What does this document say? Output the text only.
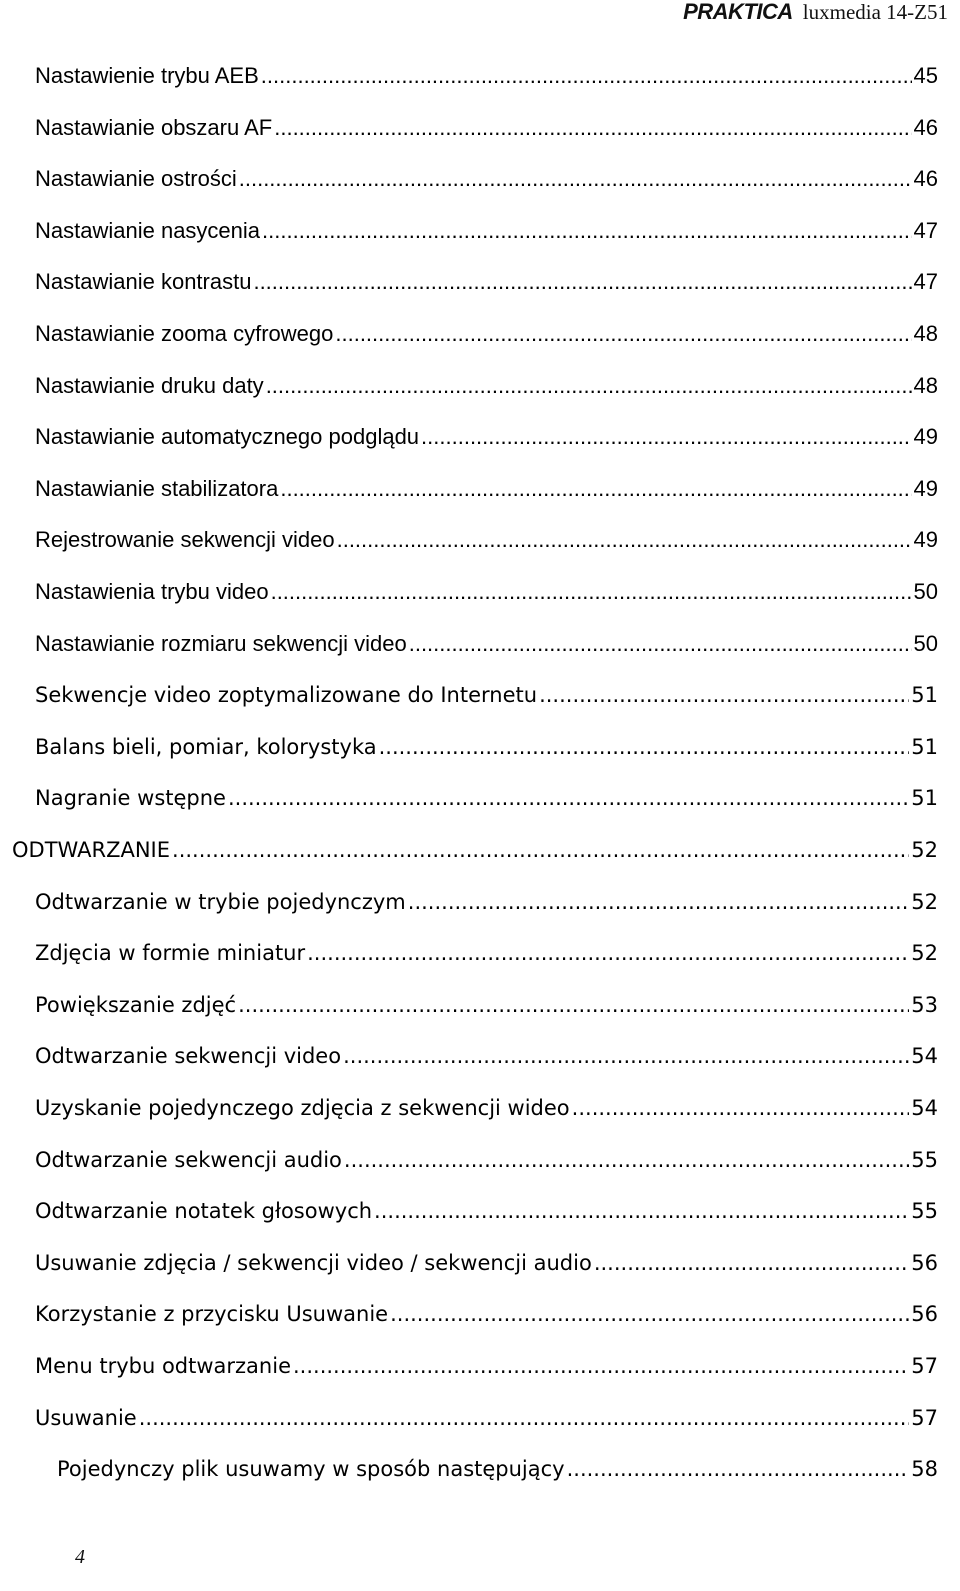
PRAKTICA luxmedia 14-Z51
Nastawienie trybu AEB .....	45
Nastawianie obszaru AF .....	46
Nastawianie ostrości .....	46
Nastawianie nasycenia .....	47
Nastawianie kontrastu .....	47
Nastawianie zooma cyfrowego .....	48
Nastawianie druku daty .....	48
Nastawianie automatycznego podglądu .....	49
Nastawianie stabilizatora .....	49
Rejestrowanie sekwencji video .....	49
Nastawienia trybu video .....	50
Nastawianie rozmiaru sekwencji video .....	50
Sekwencje video zoptymalizowane do Internetu .....	51
Balans bieli, pomiar, kolorystyka .....	51
Nagranie wstępne .....	51
ODTWARZANIE .....	52
Odtwarzanie w trybie pojedynczym .....	52
Zdjęcia w formie miniatur .....	52
Powiększanie zdjęć .....	53
Odtwarzanie sekwencji video .....	54
Uzyskanie pojedynczego zdjęcia z sekwencji wideo .....	54
Odtwarzanie sekwencji audio .....	55
Odtwarzanie notatek głosowych .....	55
Usuwanie zdjęcia / sekwencji video / sekwencji audio .....	56
Korzystanie z przycisku Usuwanie .....	56
Menu trybu odtwarzanie .....	57
Usuwanie .....	57
Pojedynczy plik usuwamy w sposób następujący .....	58
4
